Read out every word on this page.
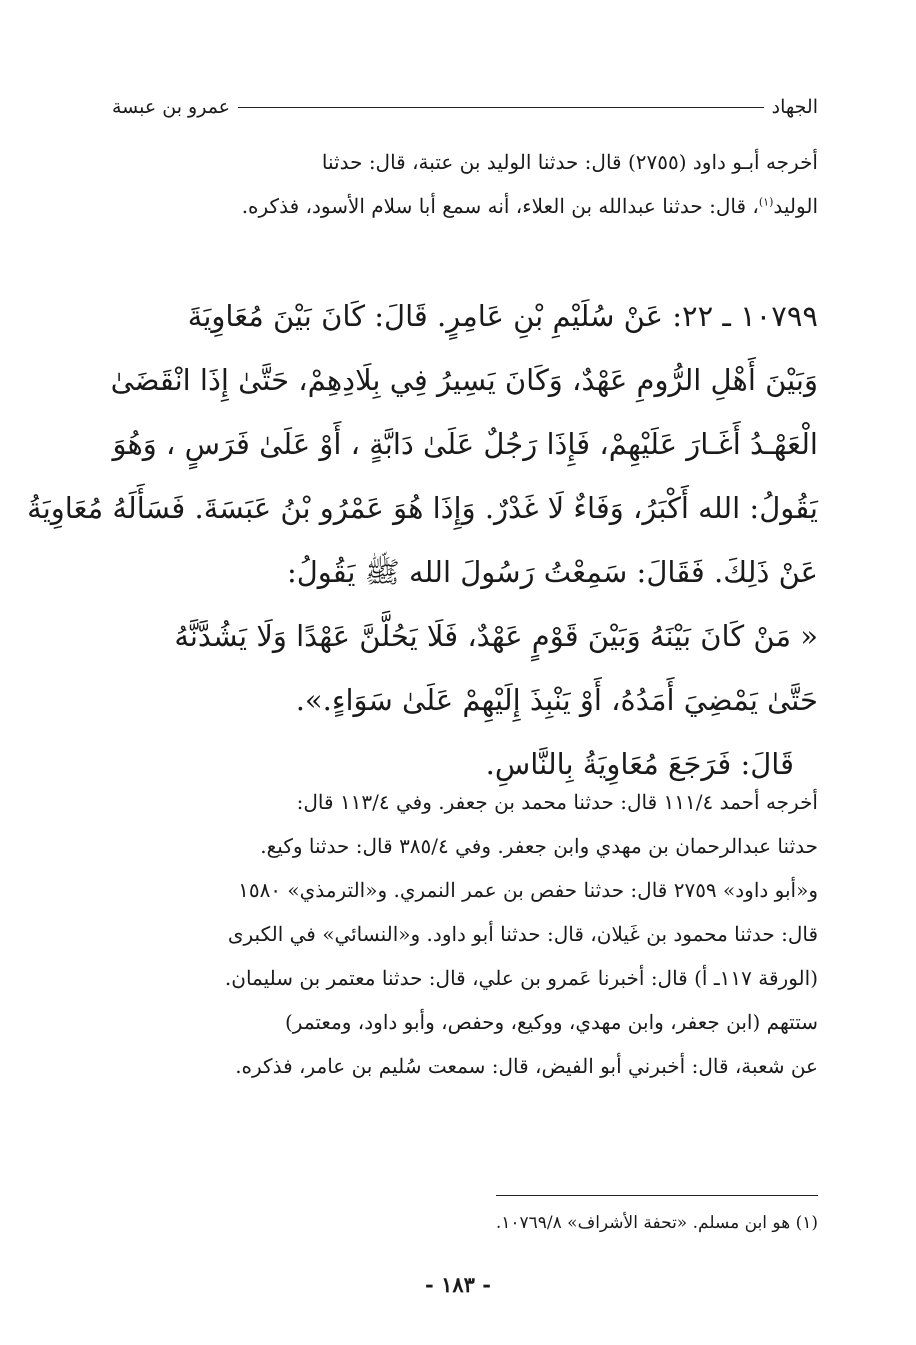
الجهاد
عمرو بن عبسة
أخرجه أبـو داود (٢٧٥٥) قال: حدثنا الوليد بن عتبة، قال: حدثنا
الوليد$^{(١)}$، قال: حدثنا عبدالله بن العلاء، أنه سمع أبا سلام الأسود، فذكره.
١٠٧٩٩ ـ ٢٢: عَنْ سُلَيْمِ بْنِ عَامِرٍ. قَالَ: كَانَ بَيْنَ مُعَاوِيَةَ
وَبَيْنَ أَهْلِ الرُّومِ عَهْدٌ، وَكَانَ يَسِيرُ فِي بِلَادِهِمْ، حَتَّىٰ إِذَا انْقَضَىٰ
الْعَهْـدُ أَغَـارَ عَلَيْهِمْ، فَإِذَا رَجُلٌ عَلَىٰ دَابَّةٍ ، أَوْ عَلَىٰ فَرَسٍ ، وَهُوَ
يَقُولُ: الله أَكْبَرُ، وَفَاءٌ لَا غَدْرٌ. وَإِذَا هُوَ عَمْرُو بْنُ عَبَسَةَ. فَسَأَلَهُ مُعَاوِيَةُ
عَنْ ذَلِكَ. فَقَالَ: سَمِعْتُ رَسُولَ الله ﷺ يَقُولُ:
« مَنْ كَانَ بَيْنَهُ وَبَيْنَ قَوْمٍ عَهْدٌ، فَلَا يَحُلَّنَّ عَهْدًا وَلَا يَشُدَّنَّهُ
حَتَّىٰ يَمْضِيَ أَمَدُهُ، أَوْ يَنْبِذَ إِلَيْهِمْ عَلَىٰ سَوَاءٍ.».
قَالَ: فَرَجَعَ مُعَاوِيَةُ بِالنَّاسِ.
أخرجه أحمد ١١١/٤ قال: حدثنا محمد بن جعفر. وفي ١١٣/٤ قال:
حدثنا عبدالرحمان بن مهدي وابن جعفر. وفي ٣٨٥/٤ قال: حدثنا وكيع.
و«أبو داود» ٢٧٥٩ قال: حدثنا حفص بن عمر النمري. و«الترمذي» ١٥٨٠
قال: حدثنا محمود بن غَيلان، قال: حدثنا أبو داود. و«النسائي» في الكبرى
(الورقة ١١٧ـ أ) قال: أخبرنا عَمرو بن علي، قال: حدثنا معتمر بن سليمان.
ستتهم (ابن جعفر، وابن مهدي، ووكيع، وحفص، وأبو داود، ومعتمر)
عن شعبة، قال: أخبرني أبو الفيض، قال: سمعت سُليم بن عامر، فذكره.
(١) هو ابن مسلم. «تحفة الأشراف» ١٠٧٦٩/٨.
- ١٨٣ -
